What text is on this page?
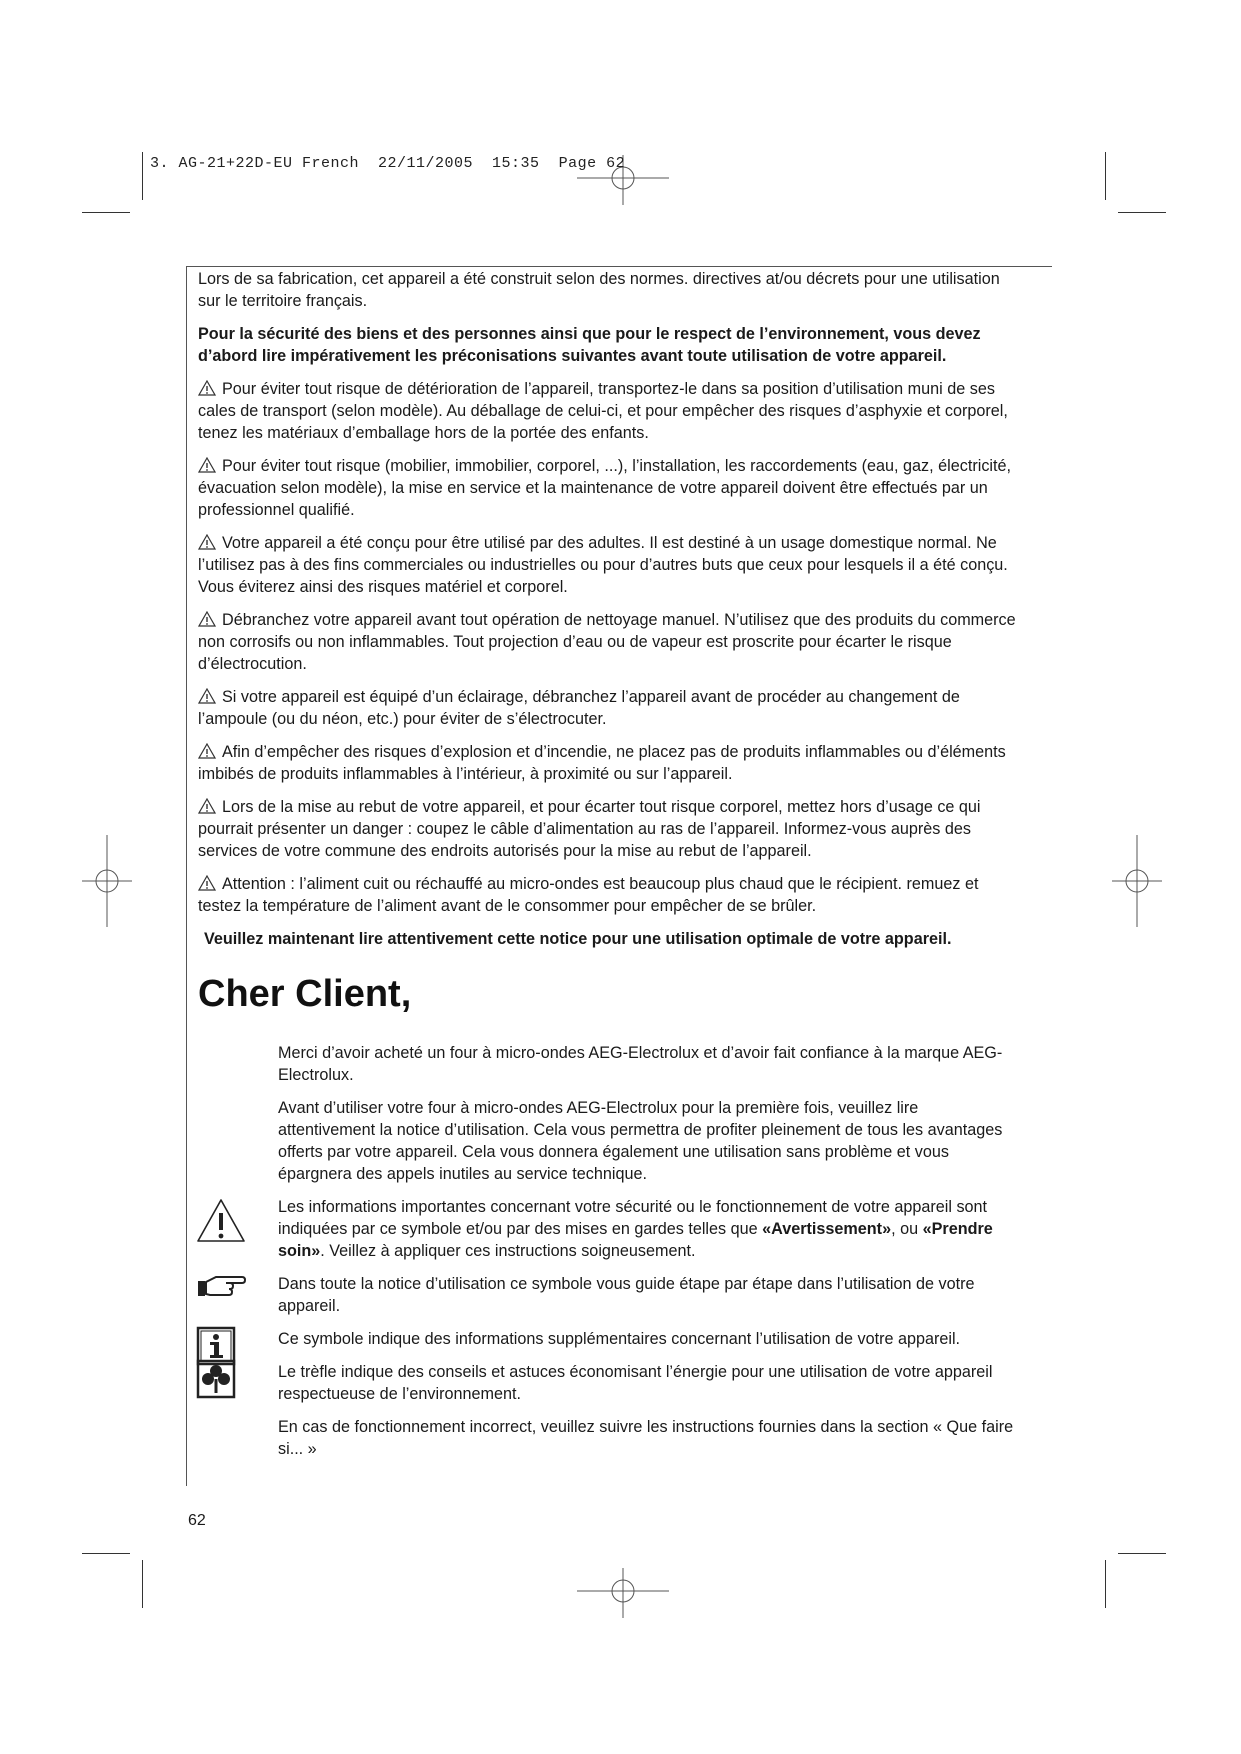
3. AG-21+22D-EU French  22/11/2005  15:35  Page 62

Lors de sa fabrication, cet appareil a été construit selon des normes. directives at/ou décrets pour une utilisation sur le territoire français.

Pour la sécurité des biens et des personnes ainsi que pour le respect de l’environnement, vous devez d’abord lire impérativement les préconisations suivantes avant toute utilisation de votre appareil.

Pour éviter tout risque de détérioration de l’appareil, transportez-le dans sa position d’utilisation muni de ses cales de transport (selon modèle). Au déballage de celui-ci, et pour empêcher des risques d’asphyxie et corporel, tenez les matériaux d’emballage hors de la portée des enfants.

Pour éviter tout risque (mobilier, immobilier, corporel, ...), l’installation, les raccordements (eau, gaz, électricité, évacuation selon modèle), la mise en service et la maintenance de votre appareil doivent être effectués par un professionnel qualifié.

Votre appareil a été conçu pour être utilisé par des adultes. Il est destiné à un usage domestique normal. Ne l’utilisez pas à des fins commerciales ou industrielles ou pour d’autres buts que ceux pour lesquels il a été conçu. Vous éviterez ainsi des risques matériel et corporel.

Débranchez votre appareil avant tout opération de nettoyage manuel. N’utilisez que des produits du commerce non corrosifs ou non inflammables. Tout projection d’eau ou de vapeur est proscrite pour écarter le risque d’électrocution.

Si votre appareil est équipé d’un éclairage, débranchez l’appareil avant de procéder au changement de l’ampoule (ou du néon, etc.) pour éviter de s’électrocuter.

Afin d’empêcher des risques d’explosion et d’incendie, ne placez pas de produits inflammables ou d’éléments imbibés de produits inflammables à l’intérieur, à proximité ou sur l’appareil.

Lors de la mise au rebut de votre appareil, et pour écarter tout risque corporel, mettez hors d’usage ce qui pourrait présenter un danger : coupez le câble d’alimentation au ras de l’appareil. Informez-vous auprès des services de votre commune des endroits autorisés pour la mise au rebut de l’appareil.

Attention : l’aliment cuit ou réchauffé au micro-ondes est beaucoup plus chaud que le récipient. remuez et testez la température de l’aliment avant de le consommer pour empêcher de se brûler.

Veuillez maintenant lire attentivement cette notice pour une utilisation optimale de votre appareil.

Cher Client,

Merci d’avoir acheté un four à micro-ondes AEG-Electrolux et d’avoir fait confiance à la marque AEG-Electrolux.

Avant d’utiliser votre four à micro-ondes AEG-Electrolux pour la première fois, veuillez lire attentivement la notice d’utilisation. Cela vous permettra de profiter pleinement de tous les avantages offerts par votre appareil. Cela vous donnera également une utilisation sans problème et vous épargnera des appels inutiles au service technique.

Les informations importantes concernant votre sécurité ou le fonctionnement de votre appareil sont indiquées par ce symbole et/ou par des mises en gardes telles que «Avertissement», ou «Prendre soin». Veillez à appliquer ces instructions soigneusement.

Dans toute la notice d’utilisation ce symbole vous guide étape par étape dans l’utilisation de votre appareil.

Ce symbole indique des informations supplémentaires concernant l’utilisation de votre appareil.

Le trèfle indique des conseils et astuces économisant l’énergie pour une utilisation de votre appareil respectueuse de l’environnement.

En cas de fonctionnement incorrect, veuillez suivre les instructions fournies dans la section « Que faire si... »

62
